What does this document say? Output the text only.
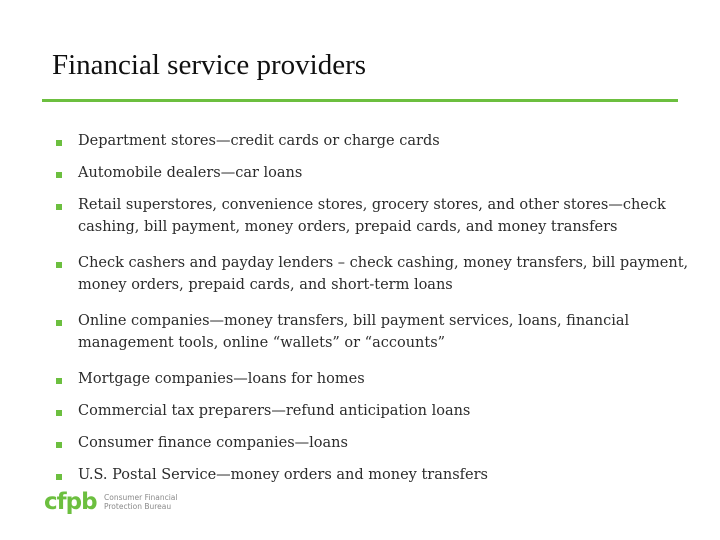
Financial service providers
Department stores—credit cards or charge cards
Automobile dealers—car loans
Retail superstores, convenience stores, grocery stores, and other stores—check
cashing, bill payment, money orders, prepaid cards, and money transfers
Check cashers and payday lenders – check cashing, money transfers, bill payment,
money orders, prepaid cards, and short-term loans
Online companies—money transfers, bill payment services, loans, financial
management tools, online “wallets” or “accounts”
Mortgage companies—loans for homes
Commercial tax preparers—refund anticipation loans
Consumer finance companies—loans
U.S. Postal Service—money orders and money transfers
cfpb Consumer Financial
Protection Bureau
